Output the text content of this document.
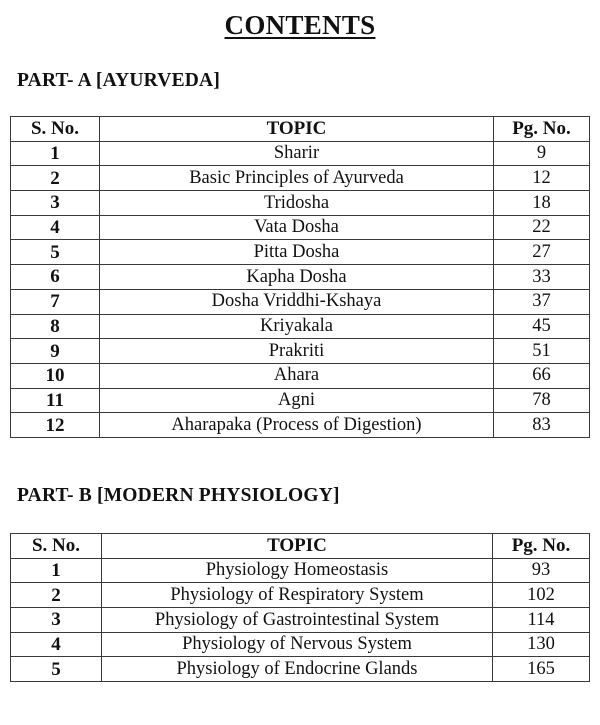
CONTENTS
PART- A [AYURVEDA]
S. No.	TOPIC	Pg. No.
1	Sharir	9
2	Basic Principles of Ayurveda	12
3	Tridosha	18
4	Vata Dosha	22
5	Pitta Dosha	27
6	Kapha Dosha	33
7	Dosha Vriddhi-Kshaya	37
8	Kriyakala	45
9	Prakriti	51
10	Ahara	66
11	Agni	78
12	Aharapaka (Process of Digestion)	83
PART- B [MODERN PHYSIOLOGY]
S. No.	TOPIC	Pg. No.
1	Physiology Homeostasis	93
2	Physiology of Respiratory System	102
3	Physiology of Gastrointestinal System	114
4	Physiology of Nervous System	130
5	Physiology of Endocrine Glands	165
